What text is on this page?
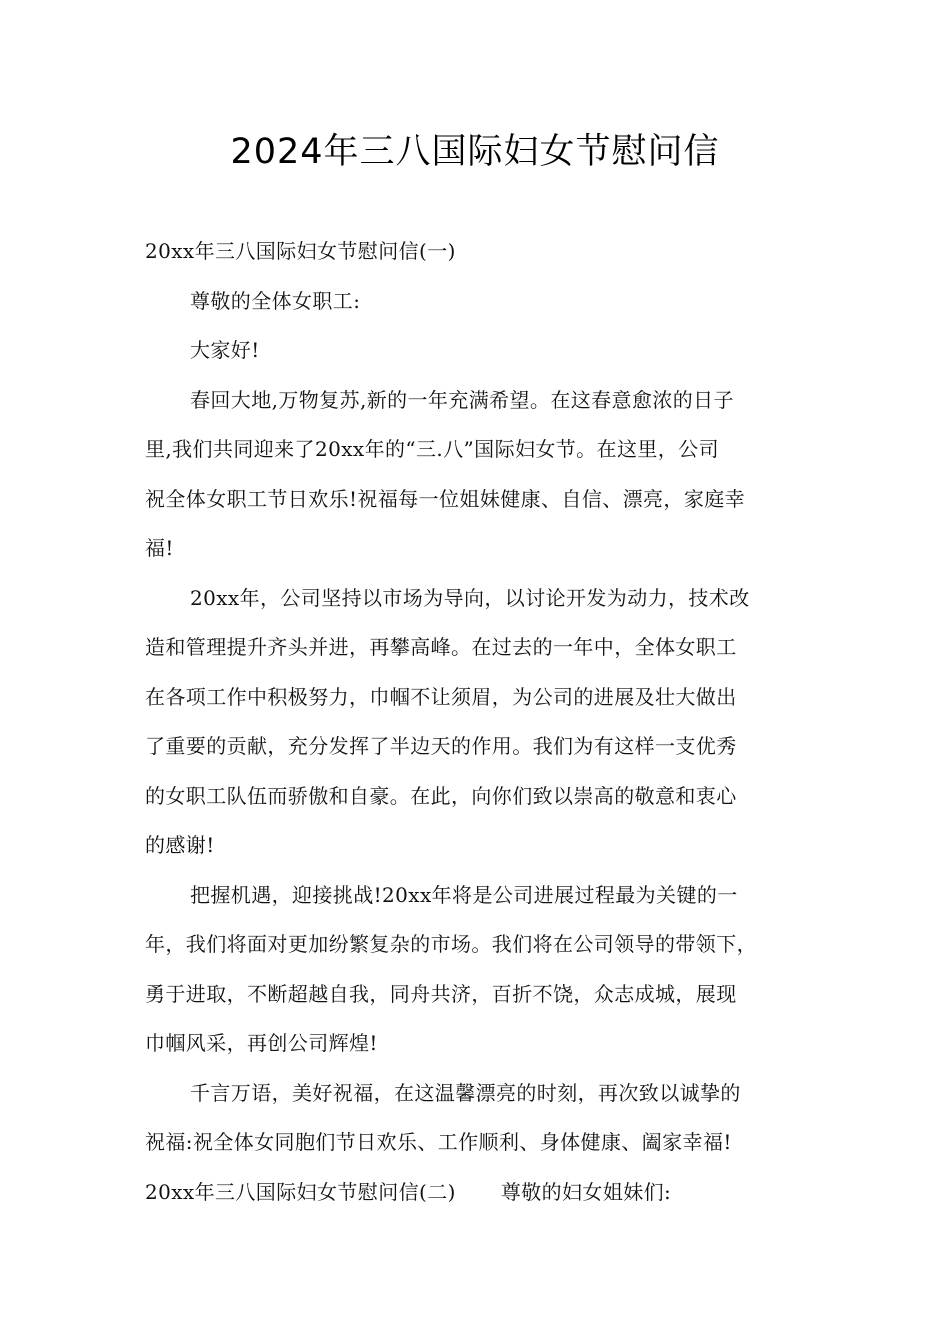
2024年三八国际妇女节慰问信

20xx年三八国际妇女节慰问信(一)

尊敬的全体女职工:

大家好!

春回大地,万物复苏,新的一年充满希望。在这春意愈浓的日子

里,我们共同迎来了20xx年的“三.八”国际妇女节。在这里，公司

祝全体女职工节日欢乐!祝福每一位姐妹健康、自信、漂亮，家庭幸

福!

20xx年，公司坚持以市场为导向，以讨论开发为动力，技术改

造和管理提升齐头并进，再攀高峰。在过去的一年中，全体女职工

在各项工作中积极努力，巾帼不让须眉，为公司的进展及壮大做出

了重要的贡献，充分发挥了半边天的作用。我们为有这样一支优秀

的女职工队伍而骄傲和自豪。在此，向你们致以崇高的敬意和衷心

的感谢!

把握机遇，迎接挑战!20xx年将是公司进展过程最为关键的一

年，我们将面对更加纷繁复杂的市场。我们将在公司领导的带领下，

勇于进取，不断超越自我，同舟共济，百折不饶，众志成城，展现

巾帼风采，再创公司辉煌!

千言万语，美好祝福，在这温馨漂亮的时刻，再次致以诚挚的

祝福:祝全体女同胞们节日欢乐、工作顺利、身体健康、阖家幸福!

20xx年三八国际妇女节慰问信(二) 尊敬的妇女姐妹们:
